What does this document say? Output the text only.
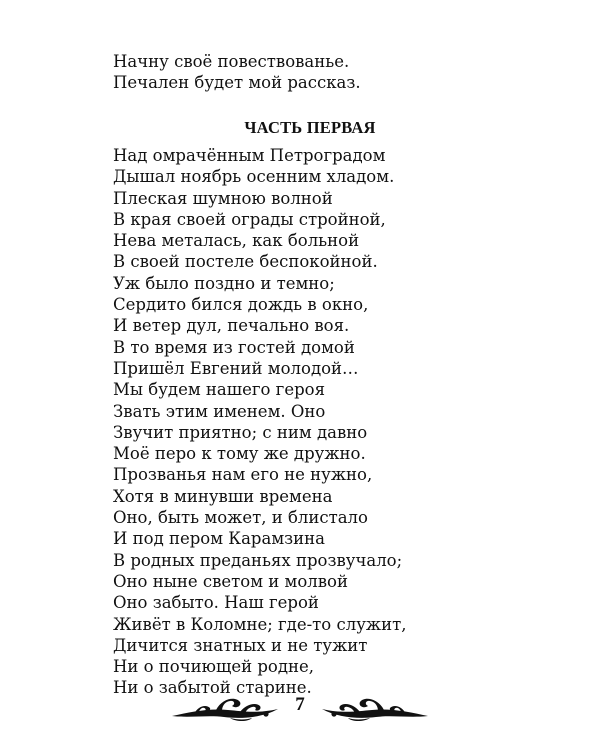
Начну своё повествованье.
Печален будет мой рассказ.
ЧАСТЬ ПЕРВАЯ
Над омрачённым Петроградом
Дышал ноябрь осенним хладом.
Плеская шумною волной
В края своей ограды стройной,
Нева металась, как больной
В своей постеле беспокойной.
Уж было поздно и темно;
Сердито бился дождь в окно,
И ветер дул, печально воя.
В то время из гостей домой
Пришёл Евгений молодой…
Мы будем нашего героя
Звать этим именем. Оно
Звучит приятно; с ним давно
Моё перо к тому же дружно.
Прозванья нам его не нужно,
Хотя в минувши времена
Оно, быть может, и блистало
И под пером Карамзина
В родных преданьях прозвучало;
Оно ныне светом и молвой
Оно забыто. Наш герой
Живёт в Коломне; где-то служит,
Дичится знатных и не тужит
Ни о почиющей родне,
Ни о забытой старине.
7
